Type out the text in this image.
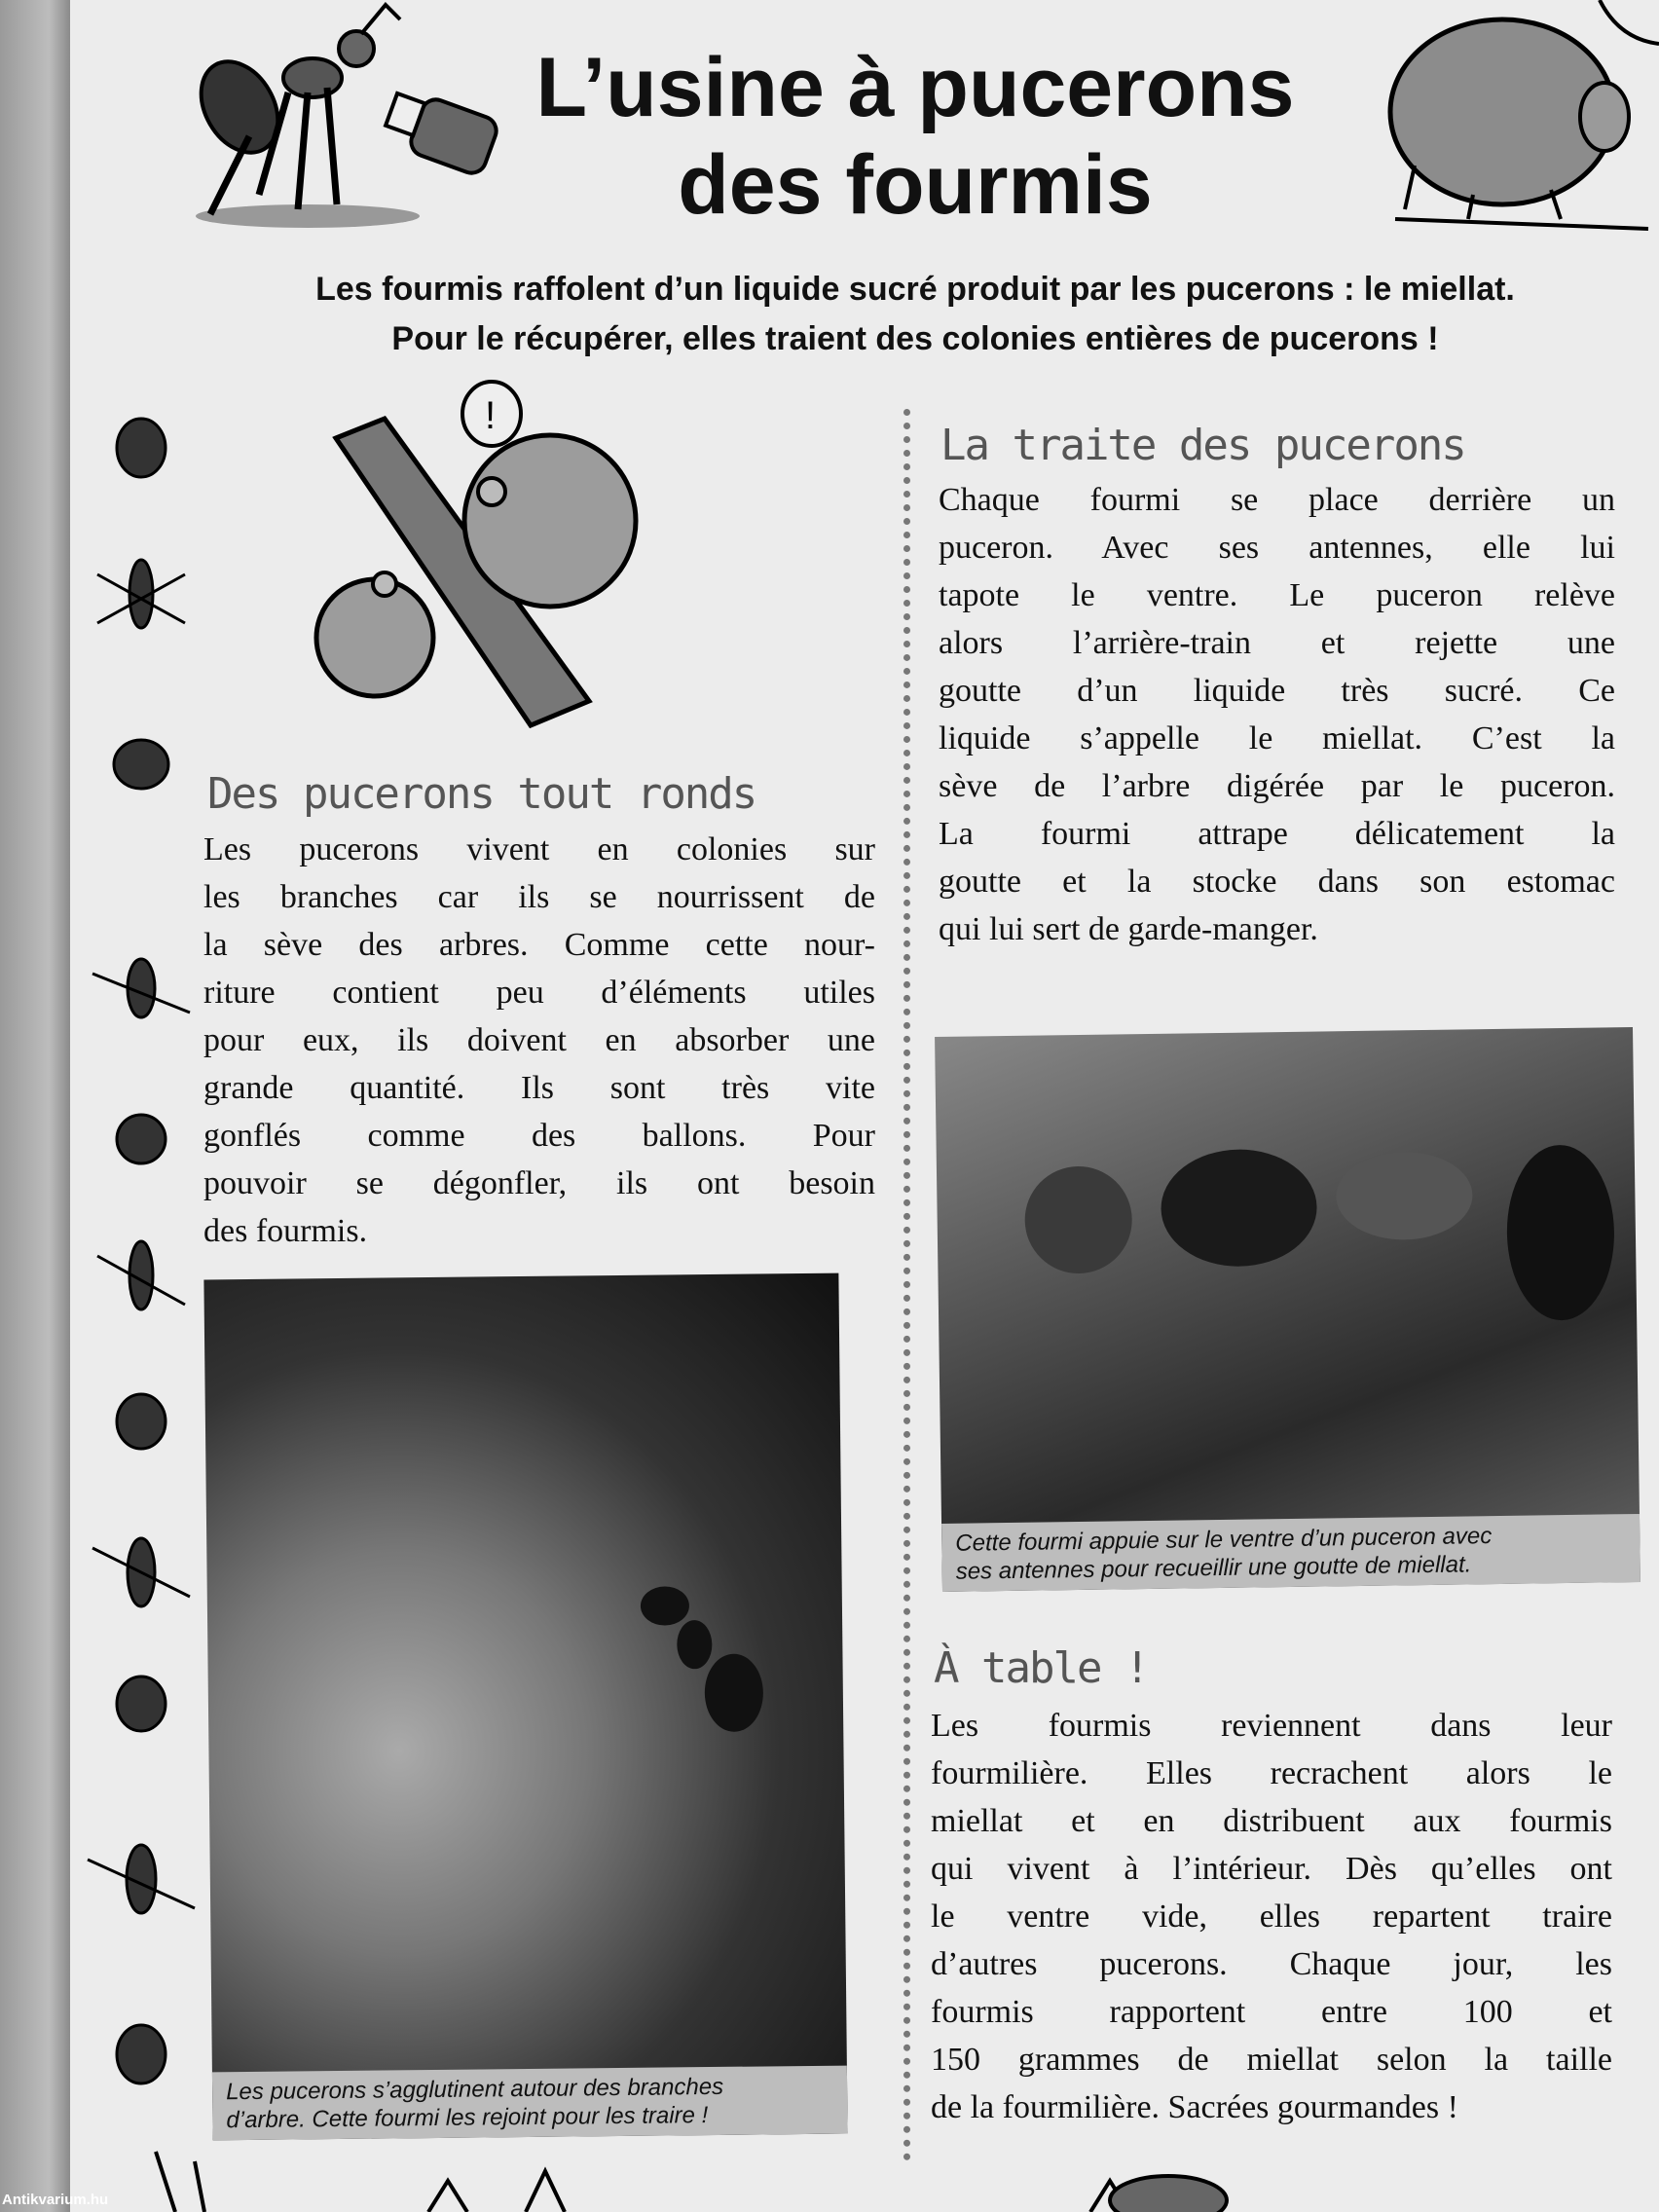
L’usine à pucerons
des fourmis
Les fourmis raffolent d’un liquide sucré produit par les pucerons : le miellat.
Pour le récupérer, elles traient des colonies entières de pucerons !
!
Des pucerons tout ronds
Les pucerons vivent en colonies sur
les branches car ils se nourrissent de
la sève des arbres. Comme cette nour-
riture contient peu d’éléments utiles
pour eux, ils doivent en absorber une
grande quantité. Ils sont très vite
gonflés comme des ballons. Pour
pouvoir se dégonfler, ils ont besoin
des fourmis.
Les pucerons s’agglutinent autour des branches
d’arbre. Cette fourmi les rejoint pour les traire !
La traite des pucerons
Chaque fourmi se place derrière un
puceron. Avec ses antennes, elle lui
tapote le ventre. Le puceron relève
alors l’arrière-train et rejette une
goutte d’un liquide très sucré. Ce
liquide s’appelle le miellat. C’est la
sève de l’arbre digérée par le puceron.
La fourmi attrape délicatement la
goutte et la stocke dans son estomac
qui lui sert de garde-manger.
Cette fourmi appuie sur le ventre d’un puceron avec
ses antennes pour recueillir une goutte de miellat.
À table !
Les fourmis reviennent dans leur
fourmilière. Elles recrachent alors le
miellat et en distribuent aux fourmis
qui vivent à l’intérieur. Dès qu’elles ont
le ventre vide, elles repartent traire
d’autres pucerons. Chaque jour, les
fourmis rapportent entre 100 et
150 grammes de miellat selon la taille
de la fourmilière. Sacrées gourmandes !
Antikvarium.hu
